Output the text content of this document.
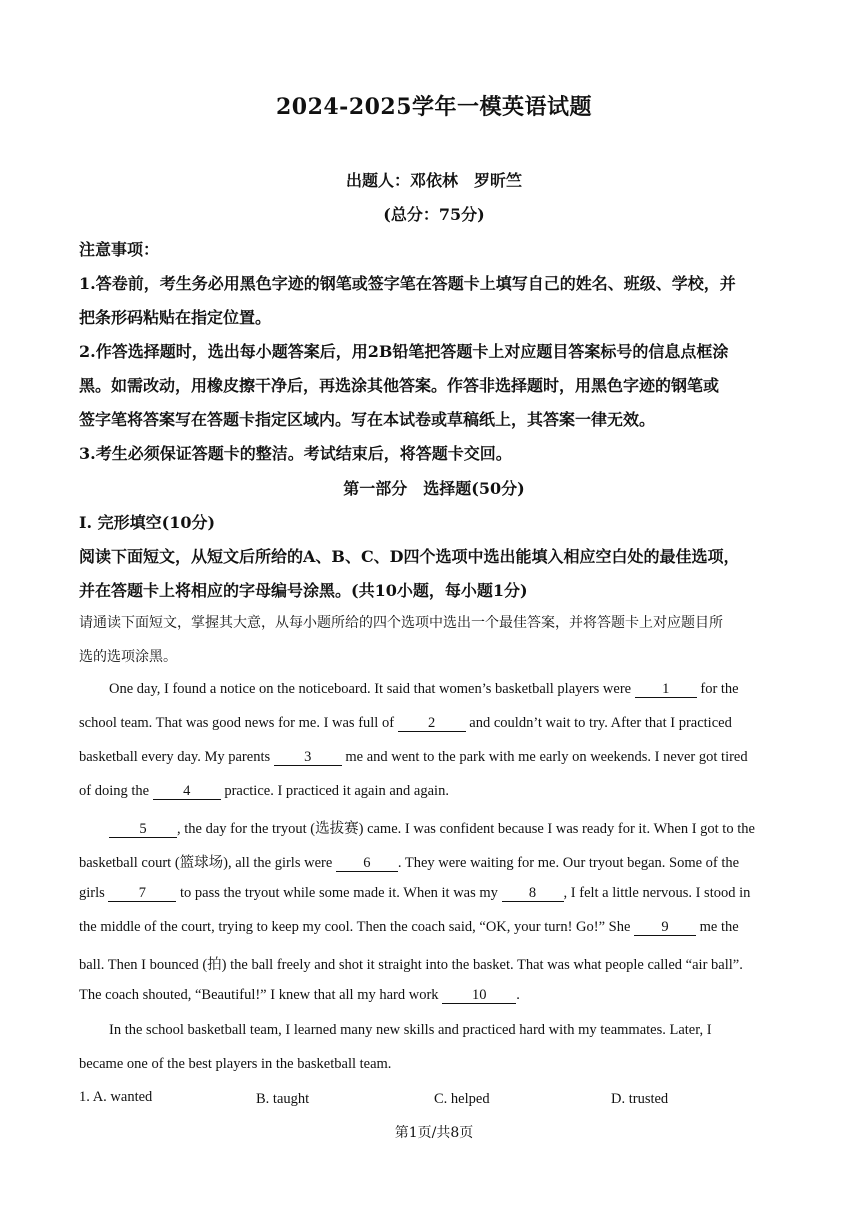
2024-2025学年一模英语试题
出题人：邓依林　罗昕竺
(总分：75分)
注意事项：
1.答卷前，考生务必用黑色字迹的钢笔或签字笔在答题卡上填写自己的姓名、班级、学校，并
把条形码粘贴在指定位置。
2.作答选择题时，选出每小题答案后，用2B铅笔把答题卡上对应题目答案标号的信息点框涂
黑。如需改动，用橡皮擦干净后，再选涂其他答案。作答非选择题时，用黑色字迹的钢笔或
签字笔将答案写在答题卡指定区域内。写在本试卷或草稿纸上，其答案一律无效。
3.考生必须保证答题卡的整洁。考试结束后，将答题卡交回。
第一部分　选择题(50分)
I. 完形填空(10分)
阅读下面短文，从短文后所给的A、B、C、D四个选项中选出能填入相应空白处的最佳选项，
并在答题卡上将相应的字母编号涂黑。(共10小题，每小题1分)
请通读下面短文，掌握其大意，从每小题所给的四个选项中选出一个最佳答案，并将答题卡上对应题目所
选的选项涂黑。
One day, I found a notice on the noticeboard. It said that women’s basketball players were 1 for the
school team. That was good news for me. I was full of 2 and couldn’t wait to try. After that I practiced
basketball every day. My parents 3 me and went to the park with me early on weekends. I never got tired
of doing the 4 practice. I practiced it again and again.
5 , the day for the tryout (选拔赛) came. I was confident because I was ready for it. When I got to the
basketball court (篮球场), all the girls were 6 . They were waiting for me. Our tryout began. Some of the
girls 7 to pass the tryout while some made it. When it was my 8 , I felt a little nervous. I stood in
the middle of the court, trying to keep my cool. Then the coach said, “OK, your turn! Go!” She 9 me the
ball. Then I bounced (拍) the ball freely and shot it straight into the basket. That was what people called “air ball”.
The coach shouted, “Beautiful!” I knew that all my hard work 10 .
In the school basketball team, I learned many new skills and practiced hard with my teammates. Later, I
became one of the best players in the basketball team.
1. A. wanted	B. taught	C. helped	D. trusted
第1页/共8页
